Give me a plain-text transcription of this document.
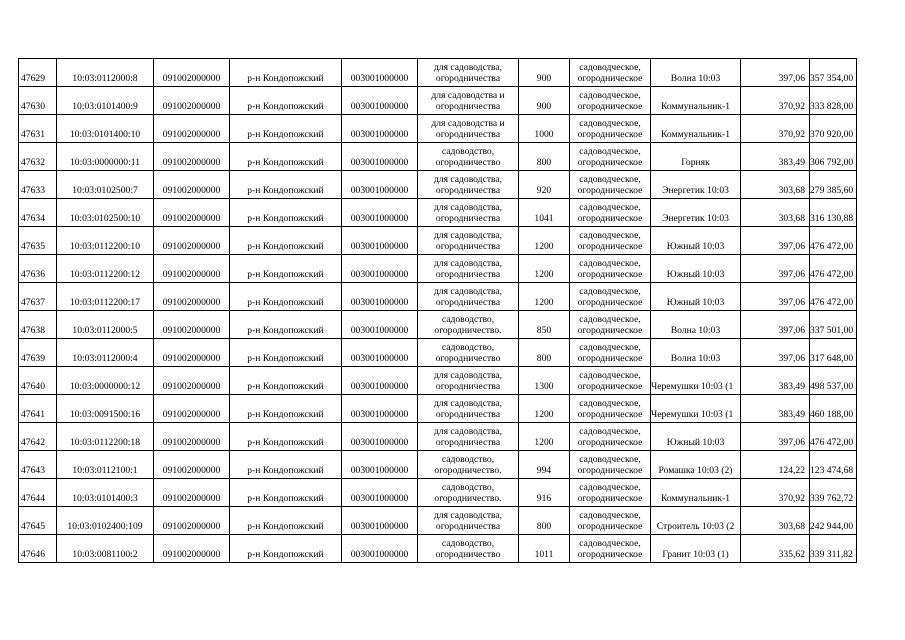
47629	10:03:0112000:8	091002000000	р-н Кондопожский	003001000000	для садоводства,
огородничества	900	садоводческое,
огородническое	Волна 10:03	397,06	357 354,00

47630	10:03:0101400:9	091002000000	р-н Кондопожский	003001000000	для садоводства и
огородничества	900	садоводческое,
огородническое	Коммунальник-1	370,92	333 828,00

47631	10:03:0101400:10	091002000000	р-н Кондопожский	003001000000	для садоводства и
огородничества	1000	садоводческое,
огородническое	Коммунальник-1	370,92	370 920,00

47632	10:03:0000000:11	091002000000	р-н Кондопожский	003001000000	садоводство,
огородничество	800	садоводческое,
огородническое	Горняк	383,49	306 792,00

47633	10:03:0102500:7	091002000000	р-н Кондопожский	003001000000	для садоводства,
огородничества	920	садоводческое,
огородническое	Энергетик 10:03	303,68	279 385,60

47634	10:03:0102500:10	091002000000	р-н Кондопожский	003001000000	для садоводства,
огородничества	1041	садоводческое,
огородническое	Энергетик 10:03	303,68	316 130,88

47635	10:03:0112200:10	091002000000	р-н Кондопожский	003001000000	для садоводства,
огородничества	1200	садоводческое,
огородническое	Южный 10:03	397,06	476 472,00

47636	10:03:0112200:12	091002000000	р-н Кондопожский	003001000000	для садоводства,
огородничества	1200	садоводческое,
огородническое	Южный 10:03	397,06	476 472,00

47637	10:03:0112200:17	091002000000	р-н Кондопожский	003001000000	для садоводства,
огородничества	1200	садоводческое,
огородническое	Южный 10:03	397,06	476 472,00

47638	10:03:0112000:5	091002000000	р-н Кондопожский	003001000000	садоводство,
огородничество.	850	садоводческое,
огородническое	Волна 10:03	397,06	337 501,00

47639	10:03:0112000:4	091002000000	р-н Кондопожский	003001000000	садоводство,
огородничество	800	садоводческое,
огородническое	Волна 10:03	397,06	317 648,00

47640	10:03:0000000:12	091002000000	р-н Кондопожский	003001000000	для садоводства,
огородничества	1300	садоводческое,
огородническое	Черемушки 10:03 (1	383,49	498 537,00

47641	10:03:0091500:16	091002000000	р-н Кондопожский	003001000000	для садоводства,
огородничества	1200	садоводческое,
огородническое	Черемушки 10:03 (1	383,49	460 188,00

47642	10:03:0112200:18	091002000000	р-н Кондопожский	003001000000	для садоводства,
огородничества	1200	садоводческое,
огородническое	Южный 10:03	397,06	476 472,00

47643	10:03:0112100:1	091002000000	р-н Кондопожский	003001000000	садоводство,
огородничество.	994	садоводческое,
огородническое	Ромашка 10:03 (2)	124,22	123 474,68

47644	10:03:0101400:3	091002000000	р-н Кондопожский	003001000000	садоводство,
огородничество.	916	садоводческое,
огородническое	Коммунальник-1	370,92	339 762,72

47645	10:03:0102400:109	091002000000	р-н Кондопожский	003001000000	для садоводства,
огородничества	800	садоводческое,
огородническое	Строитель 10:03 (2	303,68	242 944,00

47646	10:03:0081100:2	091002000000	р-н Кондопожский	003001000000	садоводство,
огородничество	1011	садоводческое,
огородническое	Гранит 10:03 (1)	335,62	339 311,82
